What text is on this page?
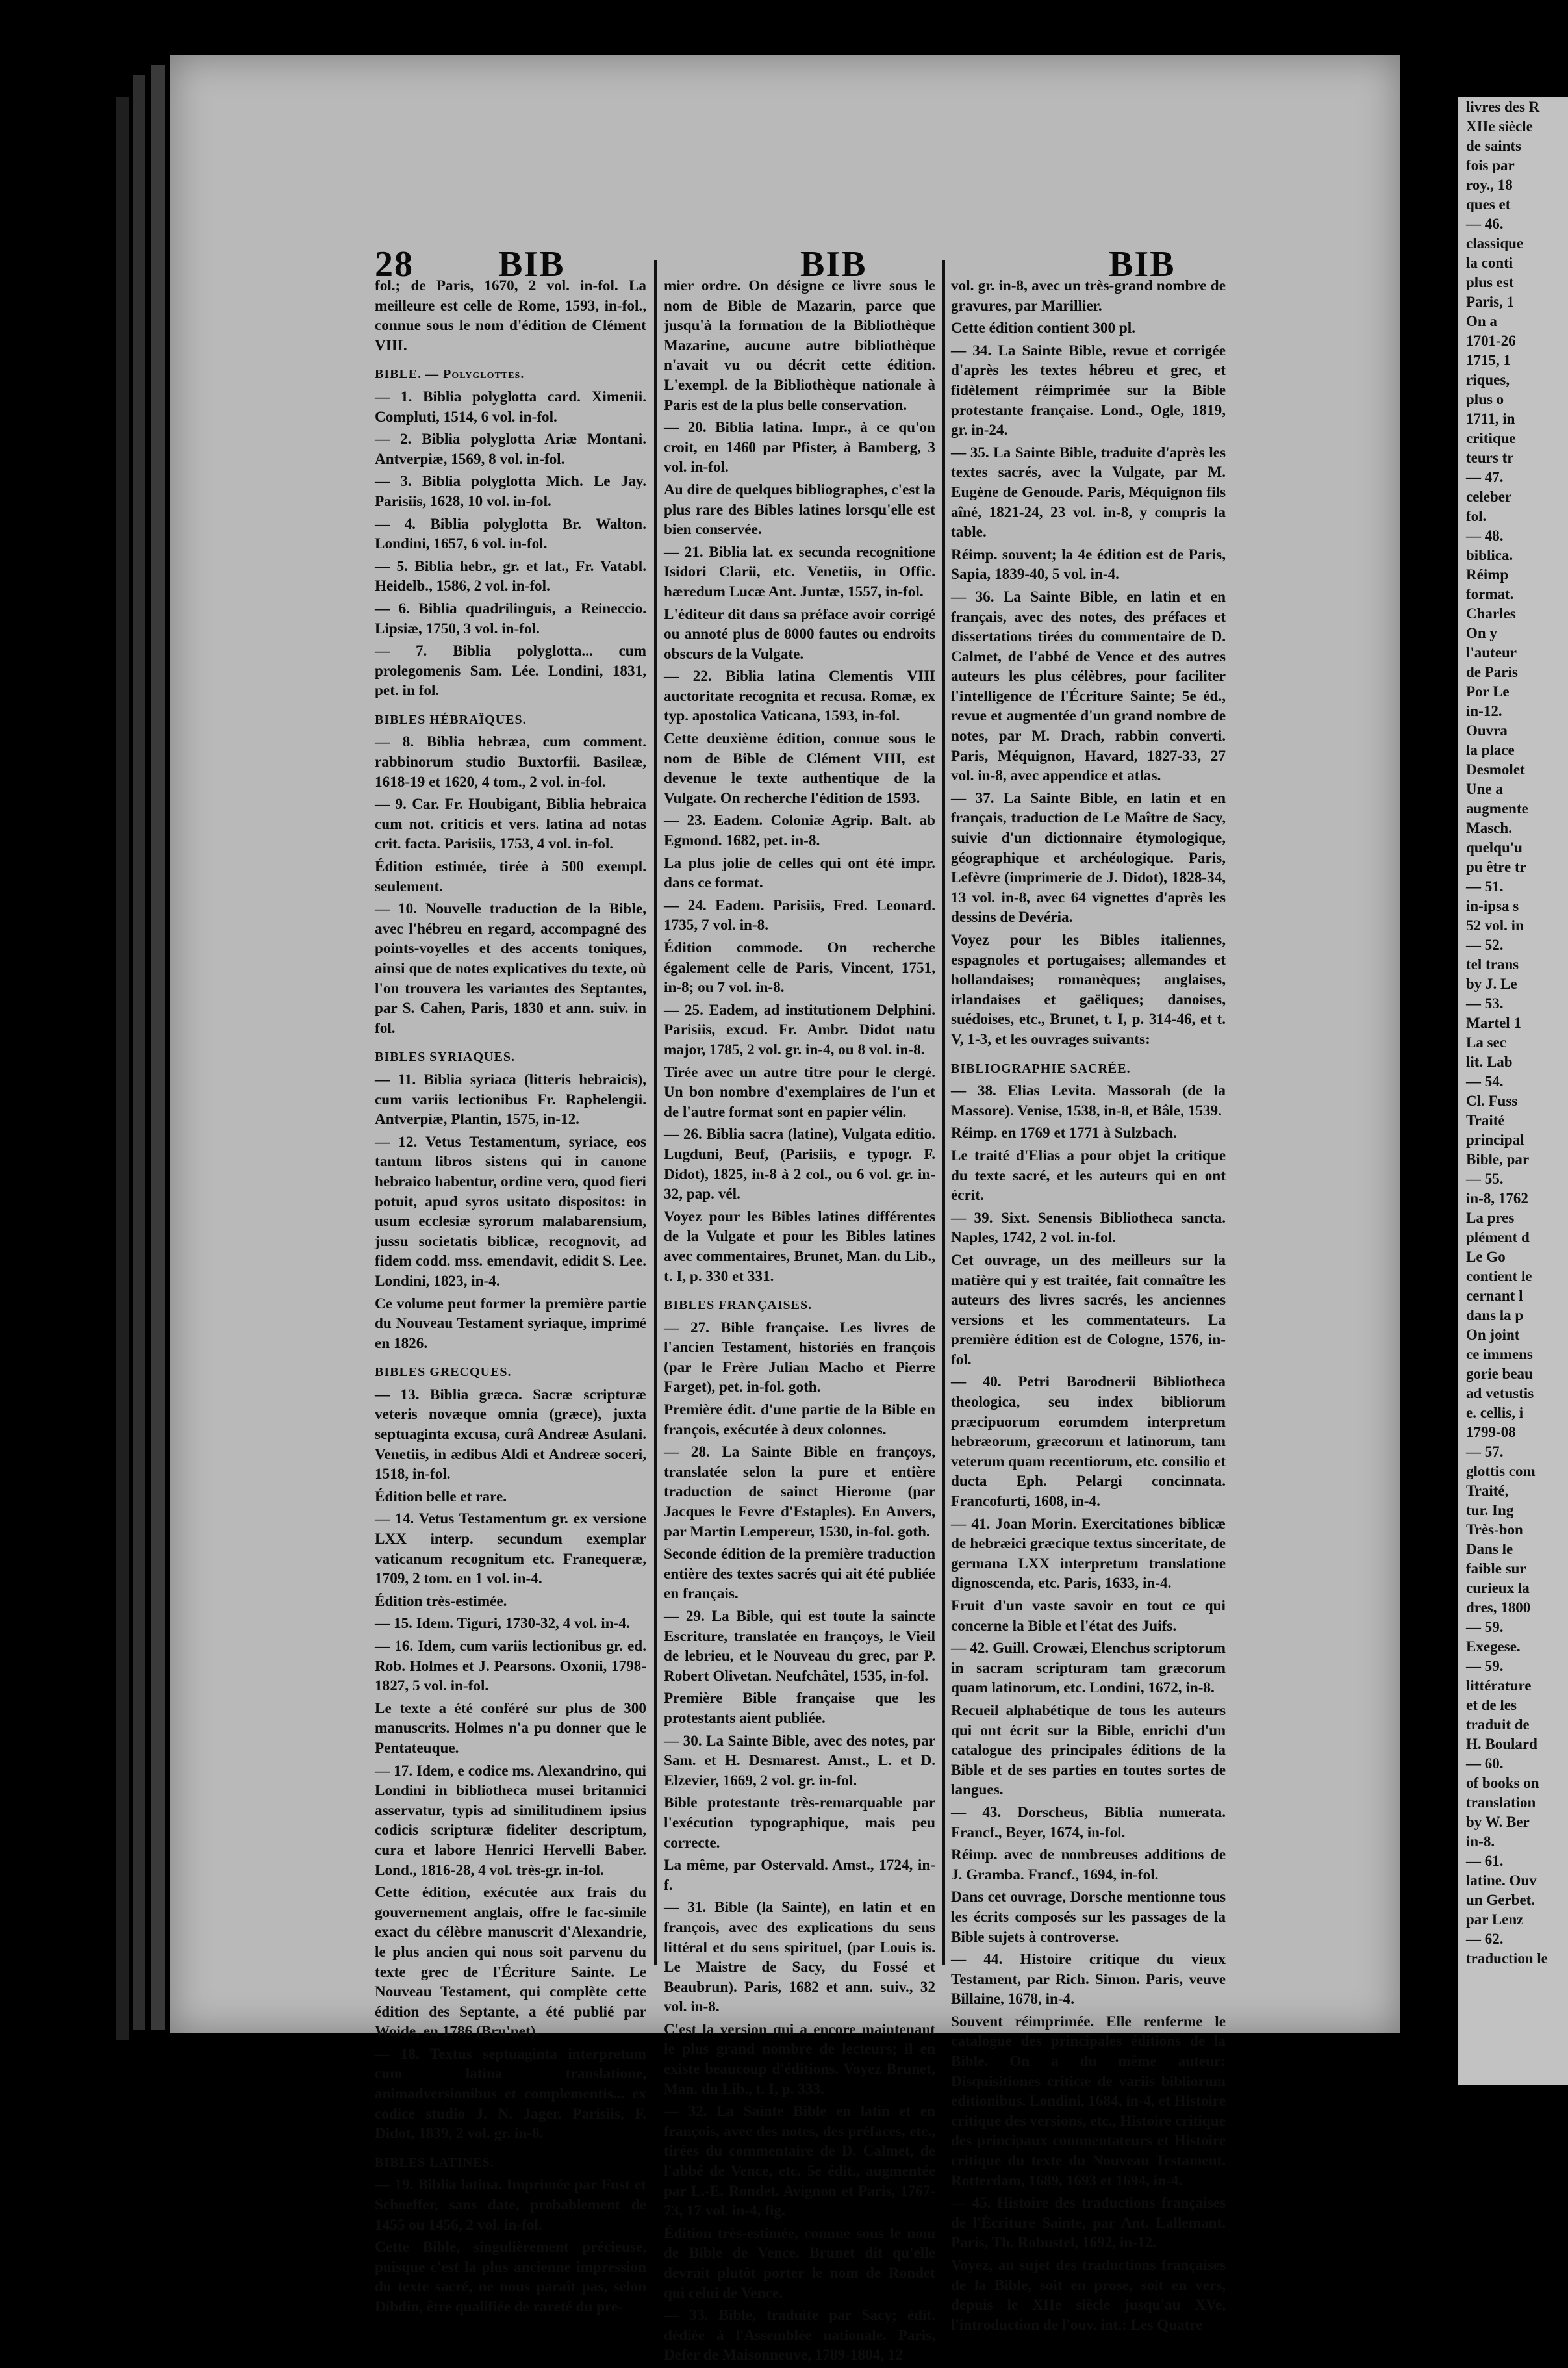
28 BIB	BIB	BIB

fol.; de Paris, 1670, 2 vol. in-fol. La meilleure est celle de Rome, 1593, in-fol., connue sous le nom d'édition de Clément VIII.

BIBLE. — Polyglottes.

— 1. Biblia polyglotta card. Ximenii. Compluti, 1514, 6 vol. in-fol.

— 2. Biblia polyglotta Ariæ Montani. Antverpiæ, 1569, 8 vol. in-fol.

— 3. Biblia polyglotta Mich. Le Jay. Parisiis, 1628, 10 vol. in-fol.

— 4. Biblia polyglotta Br. Walton. Londini, 1657, 6 vol. in-fol.

— 5. Biblia hebr., gr. et lat., Fr. Vatabl. Heidelb., 1586, 2 vol. in-fol.

— 6. Biblia quadrilinguis, a Reineccio. Lipsiæ, 1750, 3 vol. in-fol.

— 7. Biblia polyglotta... cum prolegomenis Sam. Lée. Londini, 1831, pet. in fol.

BIBLES HÉBRAÏQUES.

— 8. Biblia hebræa, cum comment. rabbinorum studio Buxtorfii. Basileæ, 1618-19 et 1620, 4 tom., 2 vol. in-fol.

— 9. Car. Fr. Houbigant, Biblia hebraica cum not. criticis et vers. latina ad notas crit. facta. Parisiis, 1753, 4 vol. in-fol.

Édition estimée, tirée à 500 exempl. seulement.

— 10. Nouvelle traduction de la Bible, avec l'hébreu en regard, accompagné des points-voyelles et des accents toniques, ainsi que de notes explicatives du texte, où l'on trouvera les variantes des Septantes, par S. Cahen, Paris, 1830 et ann. suiv. in fol.

BIBLES SYRIAQUES.

— 11. Biblia syriaca (litteris hebraicis), cum variis lectionibus Fr. Raphelengii. Antverpiæ, Plantin, 1575, in-12.

— 12. Vetus Testamentum, syriace, eos tantum libros sistens qui in canone hebraico habentur, ordine vero, quod fieri potuit, apud syros usitato dispositos: in usum ecclesiæ syrorum malabarensium, jussu societatis biblicæ, recognovit, ad fidem codd. mss. emendavit, edidit S. Lee. Londini, 1823, in-4.

Ce volume peut former la première partie du Nouveau Testament syriaque, imprimé en 1826.

BIBLES GRECQUES.

— 13. Biblia græca. Sacræ scripturæ veteris novæque omnia (græce), juxta septuaginta excusa, curâ Andreæ Asulani. Venetiis, in ædibus Aldi et Andreæ soceri, 1518, in-fol.

Édition belle et rare.

— 14. Vetus Testamentum gr. ex versione LXX interp. secundum exemplar vaticanum recognitum etc. Franequeræ, 1709, 2 tom. en 1 vol. in-4.

Édition très-estimée.

— 15. Idem. Tiguri, 1730-32, 4 vol. in-4.

— 16. Idem, cum variis lectionibus gr. ed. Rob. Holmes et J. Pearsons. Oxonii, 1798-1827, 5 vol. in-fol.

Le texte a été conféré sur plus de 300 manuscrits. Holmes n'a pu donner que le Pentateuque.

— 17. Idem, e codice ms. Alexandrino, qui Londini in bibliotheca musei britannici asservatur, typis ad similitudinem ipsius codicis scripturæ fideliter descriptum, cura et labore Henrici Hervelli Baber. Lond., 1816-28, 4 vol. très-gr. in-fol.

Cette édition, exécutée aux frais du gouvernement anglais, offre le fac-simile exact du célèbre manuscrit d'Alexandrie, le plus ancien qui nous soit parvenu du texte grec de l'Écriture Sainte. Le Nouveau Testament, qui complète cette édition des Septante, a été publié par Woide, en 1786 (Bru'net).

— 18. Textus septuaginta interpretum cum latina translatione, animadversionibus et complementis... ex codice studio J. N. Jager. Parisiis, F. Didot, 1839, 2 vol. gr. in-8.

BIBLES LATINES.

— 19. Biblia latina. Imprimée par Fust et Schoeffer, sans date, probablement de 1455 ou 1456, 2 vol. in-fol.

Cette Bible, singulièrement précieuse, puisque c'est la plus ancienne impression du texte sacré, ne nous paraît pas, selon Dibdin, être qualifiée de rareté du pre-

mier ordre. On désigne ce livre sous le nom de Bible de Mazarin, parce que jusqu'à la formation de la Bibliothèque Mazarine, aucune autre bibliothèque n'avait vu ou décrit cette édition. L'exempl. de la Bibliothèque nationale à Paris est de la plus belle conservation.

— 20. Biblia latina. Impr., à ce qu'on croit, en 1460 par Pfister, à Bamberg, 3 vol. in-fol.

Au dire de quelques bibliographes, c'est la plus rare des Bibles latines lorsqu'elle est bien conservée.

— 21. Biblia lat. ex secunda recognitione Isidori Clarii, etc. Venetiis, in Offic. hæredum Lucæ Ant. Juntæ, 1557, in-fol.

L'éditeur dit dans sa préface avoir corrigé ou annoté plus de 8000 fautes ou endroits obscurs de la Vulgate.

— 22. Biblia latina Clementis VIII auctoritate recognita et recusa. Romæ, ex typ. apostolica Vaticana, 1593, in-fol.

Cette deuxième édition, connue sous le nom de Bible de Clément VIII, est devenue le texte authentique de la Vulgate. On recherche l'édition de 1593.

— 23. Eadem. Coloniæ Agrip. Balt. ab Egmond. 1682, pet. in-8.

La plus jolie de celles qui ont été impr. dans ce format.

— 24. Eadem. Parisiis, Fred. Leonard. 1735, 7 vol. in-8.

Édition commode. On recherche également celle de Paris, Vincent, 1751, in-8; ou 7 vol. in-8.

— 25. Eadem, ad institutionem Delphini. Parisiis, excud. Fr. Ambr. Didot natu major, 1785, 2 vol. gr. in-4, ou 8 vol. in-8.

Tirée avec un autre titre pour le clergé. Un bon nombre d'exemplaires de l'un et de l'autre format sont en papier vélin.

— 26. Biblia sacra (latine), Vulgata editio. Lugduni, Beuf, (Parisiis, e typogr. F. Didot), 1825, in-8 à 2 col., ou 6 vol. gr. in-32, pap. vél.

Voyez pour les Bibles latines différentes de la Vulgate et pour les Bibles latines avec commentaires, Brunet, Man. du Lib., t. I, p. 330 et 331.

BIBLES FRANÇAISES.

— 27. Bible française. Les livres de l'ancien Testament, historiés en françois (par le Frère Julian Macho et Pierre Farget), pet. in-fol. goth.

Première édit. d'une partie de la Bible en françois, exécutée à deux colonnes.

— 28. La Sainte Bible en françoys, translatée selon la pure et entière traduction de sainct Hierome (par Jacques le Fevre d'Estaples). En Anvers, par Martin Lempereur, 1530, in-fol. goth.

Seconde édition de la première traduction entière des textes sacrés qui ait été publiée en français.

— 29. La Bible, qui est toute la saincte Escriture, translatée en françoys, le Vieil de lebrieu, et le Nouveau du grec, par P. Robert Olivetan. Neufchâtel, 1535, in-fol.

Première Bible française que les protestants aient publiée.

— 30. La Sainte Bible, avec des notes, par Sam. et H. Desmarest. Amst., L. et D. Elzevier, 1669, 2 vol. gr. in-fol.

Bible protestante très-remarquable par l'exécution typographique, mais peu correcte.

La même, par Ostervald. Amst., 1724, in-f.

— 31. Bible (la Sainte), en latin et en françois, avec des explications du sens littéral et du sens spirituel, (par Louis is. Le Maistre de Sacy, du Fossé et Beaubrun). Paris, 1682 et ann. suiv., 32 vol. in-8.

C'est la version qui a encore maintenant le plus grand nombre de lecteurs; il en existe beaucoup d'éditions. Voyez Brunet, Man. du Lib., t. I, p. 333.

— 32. La Sainte Bible en latin et en françois, avec des notes, des préfaces, etc., tirées du commentaire de D. Calmet, de l'abbé de Vence, etc. 5e édit., augmentée par L.-E. Rondet. Avignon et Paris, 1767-73, 17 vol. in-4, fig.

Édition très-estimée, connue sous le nom de Bible de Vence. Brunet dit qu'elle devrait plutôt porter le nom de Rondet qui celui de Vence.

— 33. Bible, traduite par Sacy; édit. dédiée à l'Assemblée nationale. Paris, Defer de Maisonneuve, 1789-1804, 12

vol. gr. in-8, avec un très-grand nombre de gravures, par Marillier.

Cette édition contient 300 pl.

— 34. La Sainte Bible, revue et corrigée d'après les textes hébreu et grec, et fidèlement réimprimée sur la Bible protestante française. Lond., Ogle, 1819, gr. in-24.

— 35. La Sainte Bible, traduite d'après les textes sacrés, avec la Vulgate, par M. Eugène de Genoude. Paris, Méquignon fils aîné, 1821-24, 23 vol. in-8, y compris la table.

Réimp. souvent; la 4e édition est de Paris, Sapia, 1839-40, 5 vol. in-4.

— 36. La Sainte Bible, en latin et en français, avec des notes, des préfaces et dissertations tirées du commentaire de D. Calmet, de l'abbé de Vence et des autres auteurs les plus célèbres, pour faciliter l'intelligence de l'Écriture Sainte; 5e éd., revue et augmentée d'un grand nombre de notes, par M. Drach, rabbin converti. Paris, Méquignon, Havard, 1827-33, 27 vol. in-8, avec appendice et atlas.

— 37. La Sainte Bible, en latin et en français, traduction de Le Maître de Sacy, suivie d'un dictionnaire étymologique, géographique et archéologique. Paris, Lefèvre (imprimerie de J. Didot), 1828-34, 13 vol. in-8, avec 64 vignettes d'après les dessins de Devéria.

Voyez pour les Bibles italiennes, espagnoles et portugaises; allemandes et hollandaises; romanèques; anglaises, irlandaises et gaëliques; danoises, suédoises, etc., Brunet, t. I, p. 314-46, et t. V, 1-3, et les ouvrages suivants:

BIBLIOGRAPHIE SACRÉE.

— 38. Elias Levita. Massorah (de la Massore). Venise, 1538, in-8, et Bâle, 1539.

Réimp. en 1769 et 1771 à Sulzbach.

Le traité d'Elias a pour objet la critique du texte sacré, et les auteurs qui en ont écrit.

— 39. Sixt. Senensis Bibliotheca sancta. Naples, 1742, 2 vol. in-fol.

Cet ouvrage, un des meilleurs sur la matière qui y est traitée, fait connaître les auteurs des livres sacrés, les anciennes versions et les commentateurs. La première édition est de Cologne, 1576, in-fol.

— 40. Petri Barodnerii Bibliotheca theologica, seu index bibliorum præcipuorum eorumdem interpretum hebræorum, græcorum et latinorum, tam veterum quam recentiorum, etc. consilio et ducta Eph. Pelargi concinnata. Francofurti, 1608, in-4.

— 41. Joan Morin. Exercitationes biblicæ de hebræici græcique textus sinceritate, de germana LXX interpretum translatione dignoscenda, etc. Paris, 1633, in-4.

Fruit d'un vaste savoir en tout ce qui concerne la Bible et l'état des Juifs.

— 42. Guill. Crowæi, Elenchus scriptorum in sacram scripturam tam græcorum quam latinorum, etc. Londini, 1672, in-8.

Recueil alphabétique de tous les auteurs qui ont écrit sur la Bible, enrichi d'un catalogue des principales éditions de la Bible et de ses parties en toutes sortes de langues.

— 43. Dorscheus, Biblia numerata. Francf., Beyer, 1674, in-fol.

Réimp. avec de nombreuses additions de J. Gramba. Francf., 1694, in-fol.

Dans cet ouvrage, Dorsche mentionne tous les écrits composés sur les passages de la Bible sujets à controverse.

— 44. Histoire critique du vieux Testament, par Rich. Simon. Paris, veuve Billaine, 1678, in-4.

Souvent réimprimée. Elle renferme le catalogue des principales éditions de la Bible. On a du même auteur: Disquisitiones criticæ de variis bibliorum editionibus. Londini, 1684, in-4, et Histoire critique des versions, etc., Histoire critique des principaux commentateurs et Histoire critique du texte du Nouveau Testament. Rotterdam, 1689, 1693 et 1694, in-4.

— 45. Histoire des traductions françaises de l'Écriture Sainte, par Ant. Lallemant. Paris, Th. Robustel, 1692, in-12.

Voyez, au sujet des traductions françaises de la Bible, soit en prose, soit en vers, depuis le XIIe siècle jusqu'au XVe, l'introduction de l'ouv. int.: Les Quatre

livres des R
XIIe siècle
de saints
fois par
roy., 18
ques et
— 46.
classique
la conti
plus est
Paris, 1
On a
1701-26
1715, 1
riques,
plus o
1711, in
critique
teurs tr
— 47.
celeber
fol.
— 48.
biblica.
Réimp
format.
Charles
On y
l'auteur
de Paris
Por Le
in-12.
Ouvra
la place
Desmolet
Une a
augmente
Masch.
quelqu'u
pu être tr
— 51.
in-ipsa s
52 vol. in
— 52.
tel trans
by J. Le
— 53.
Martel 1
La sec
lit. Lab
— 54.
Cl. Fuss
Traité
principal
Bible, par
— 55.
in-8, 1762
La pres
plément d
Le Go
contient le
cernant l
dans la p
On joint
ce immens
gorie beau
ad vetustis
e. cellis, i
1799-08
— 57.
glottis com
Traité,
tur. Ing
Très-bon
Dans le
faible sur
curieux la
dres, 1800
— 59.
Exegese.
— 59.
littérature
et de les
traduit de
H. Boulard
— 60.
of books on
translation
by W. Ber
in-8.
— 61.
latine. Ouv
un Gerbet.
par Lenz
— 62.
traduction le
